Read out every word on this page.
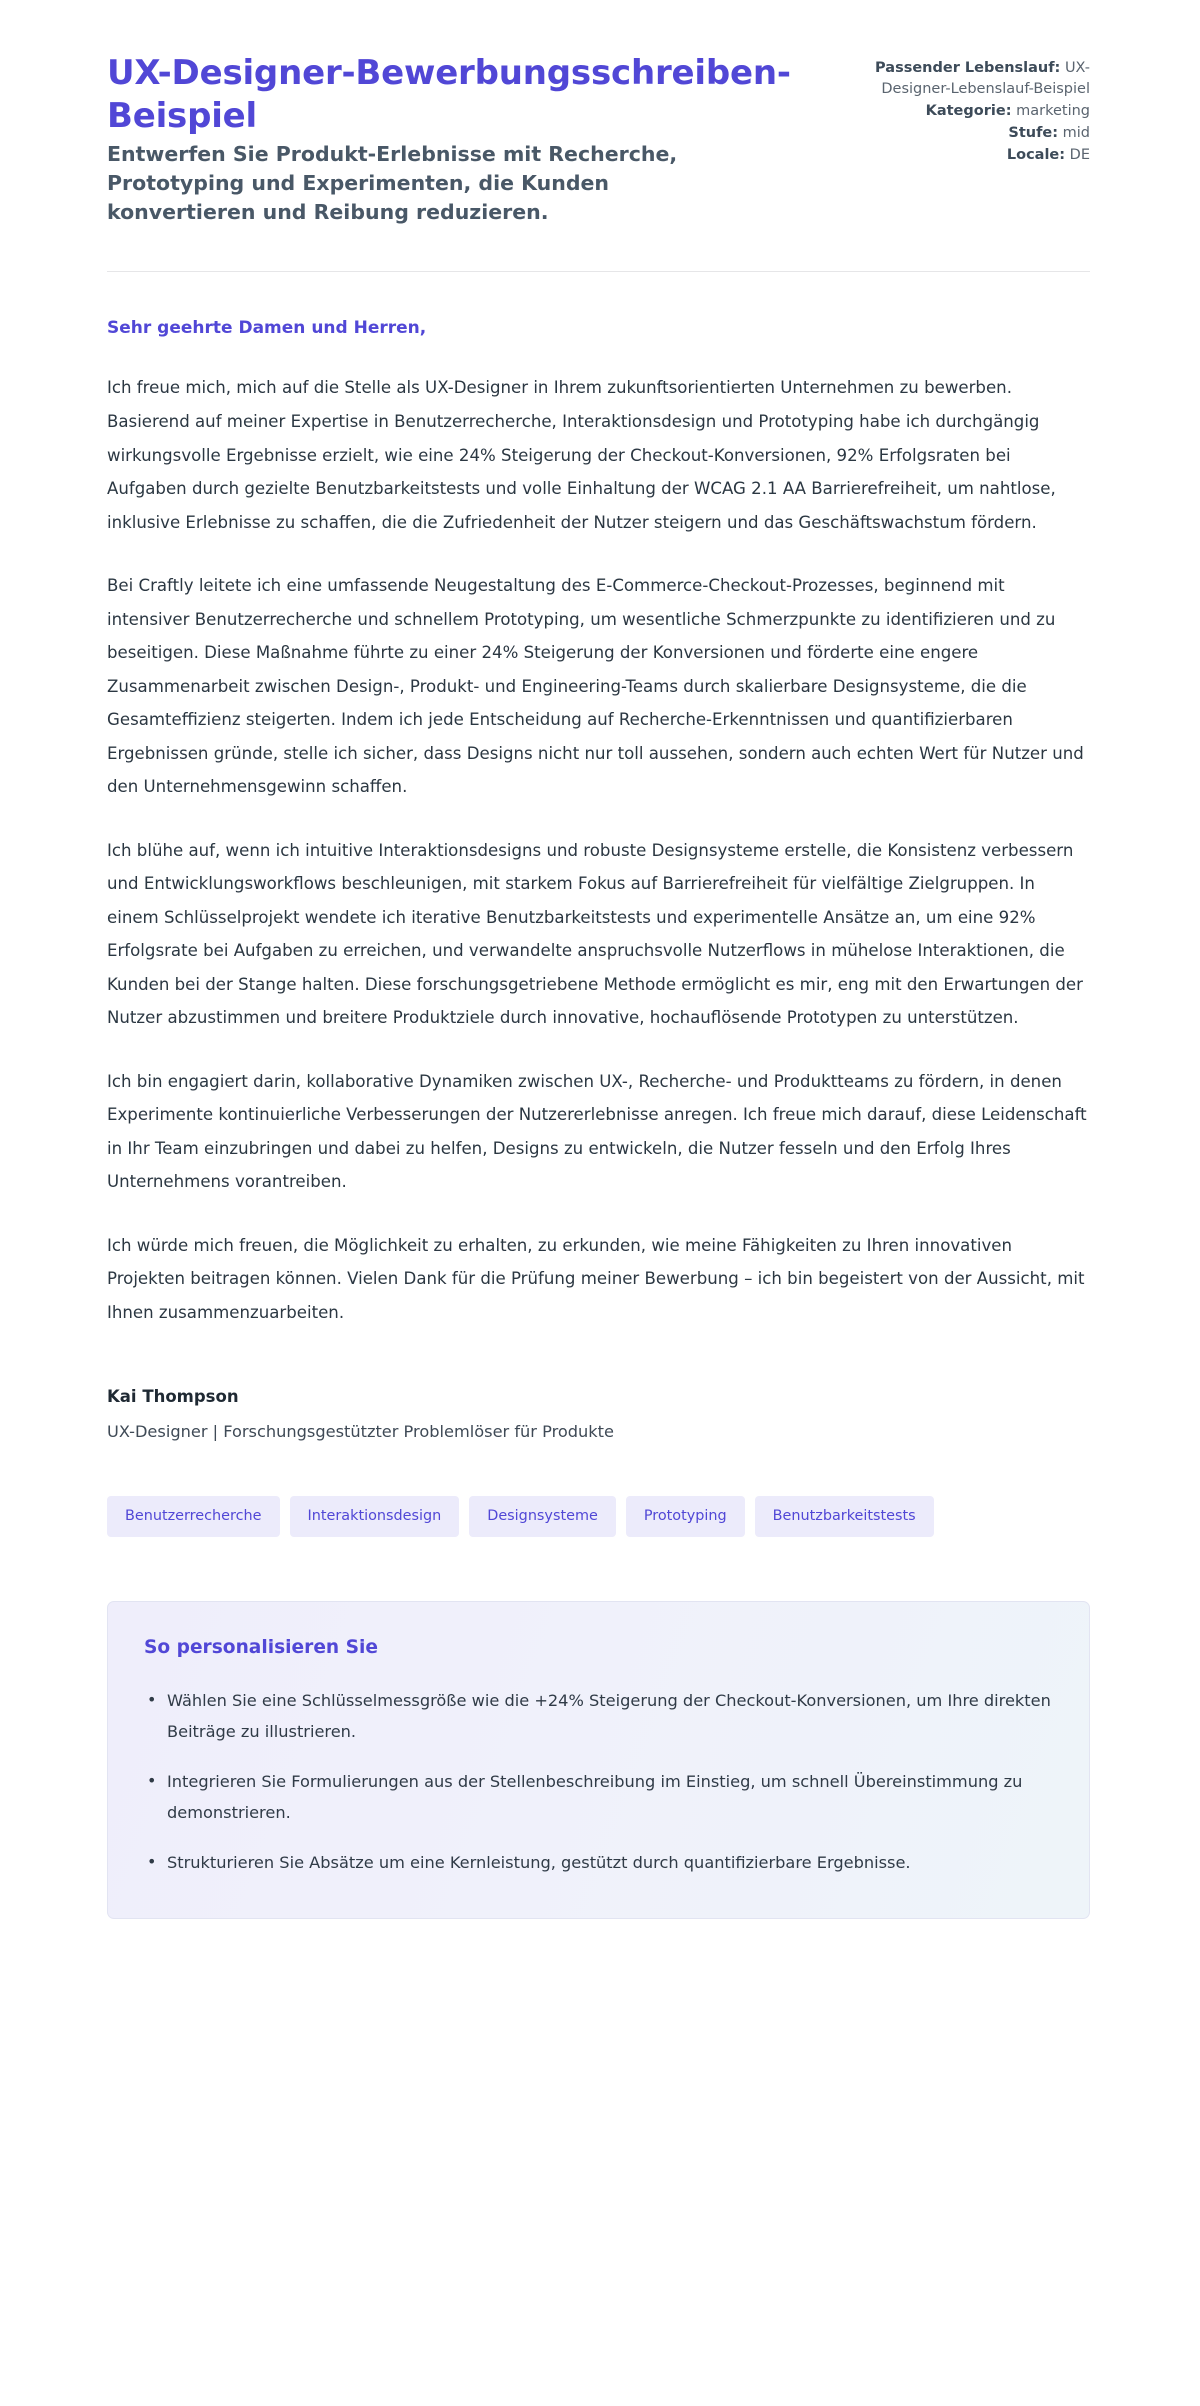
UX-Designer-Bewerbungsschreiben-Beispiel

Entwerfen Sie Produkt-Erlebnisse mit Recherche, Prototyping und Experimenten, die Kunden konvertieren und Reibung reduzieren.

Passender Lebenslauf: UX-Designer-Lebenslauf-Beispiel

Kategorie: marketing

Stufe: mid

Locale: DE

Sehr geehrte Damen und Herren,

Ich freue mich, mich auf die Stelle als UX-Designer in Ihrem zukunftsorientierten Unternehmen zu bewerben. Basierend auf meiner Expertise in Benutzerrecherche, Interaktionsdesign und Prototyping habe ich durchgängig wirkungsvolle Ergebnisse erzielt, wie eine 24% Steigerung der Checkout-Konversionen, 92% Erfolgsraten bei Aufgaben durch gezielte Benutzbarkeitstests und volle Einhaltung der WCAG 2.1 AA Barrierefreiheit, um nahtlose, inklusive Erlebnisse zu schaffen, die die Zufriedenheit der Nutzer steigern und das Geschäftswachstum fördern.

Bei Craftly leitete ich eine umfassende Neugestaltung des E-Commerce-Checkout-Prozesses, beginnend mit intensiver Benutzerrecherche und schnellem Prototyping, um wesentliche Schmerzpunkte zu identifizieren und zu beseitigen. Diese Maßnahme führte zu einer 24% Steigerung der Konversionen und förderte eine engere Zusammenarbeit zwischen Design-, Produkt- und Engineering-Teams durch skalierbare Designsysteme, die die Gesamteffizienz steigerten. Indem ich jede Entscheidung auf Recherche-Erkenntnissen und quantifizierbaren Ergebnissen gründe, stelle ich sicher, dass Designs nicht nur toll aussehen, sondern auch echten Wert für Nutzer und den Unternehmensgewinn schaffen.

Ich blühe auf, wenn ich intuitive Interaktionsdesigns und robuste Designsysteme erstelle, die Konsistenz verbessern und Entwicklungsworkflows beschleunigen, mit starkem Fokus auf Barrierefreiheit für vielfältige Zielgruppen. In einem Schlüsselprojekt wendete ich iterative Benutzbarkeitstests und experimentelle Ansätze an, um eine 92% Erfolgsrate bei Aufgaben zu erreichen, und verwandelte anspruchsvolle Nutzerflows in mühelose Interaktionen, die Kunden bei der Stange halten. Diese forschungsgetriebene Methode ermöglicht es mir, eng mit den Erwartungen der Nutzer abzustimmen und breitere Produktziele durch innovative, hochauflösende Prototypen zu unterstützen.

Ich bin engagiert darin, kollaborative Dynamiken zwischen UX-, Recherche- und Produktteams zu fördern, in denen Experimente kontinuierliche Verbesserungen der Nutzererlebnisse anregen. Ich freue mich darauf, diese Leidenschaft in Ihr Team einzubringen und dabei zu helfen, Designs zu entwickeln, die Nutzer fesseln und den Erfolg Ihres Unternehmens vorantreiben.

Ich würde mich freuen, die Möglichkeit zu erhalten, zu erkunden, wie meine Fähigkeiten zu Ihren innovativen Projekten beitragen können. Vielen Dank für die Prüfung meiner Bewerbung – ich bin begeistert von der Aussicht, mit Ihnen zusammenzuarbeiten.

Kai Thompson

UX-Designer | Forschungsgestützter Problemlöser für Produkte

Benutzerrecherche	Interaktionsdesign	Designsysteme	Prototyping	Benutzbarkeitstests
So personalisieren Sie
• Wählen Sie eine Schlüsselmessgröße wie die +24% Steigerung der Checkout-Konversionen, um Ihre direkten Beiträge zu illustrieren.
• Integrieren Sie Formulierungen aus der Stellenbeschreibung im Einstieg, um schnell Übereinstimmung zu demonstrieren.
• Strukturieren Sie Absätze um eine Kernleistung, gestützt durch quantifizierbare Ergebnisse.
